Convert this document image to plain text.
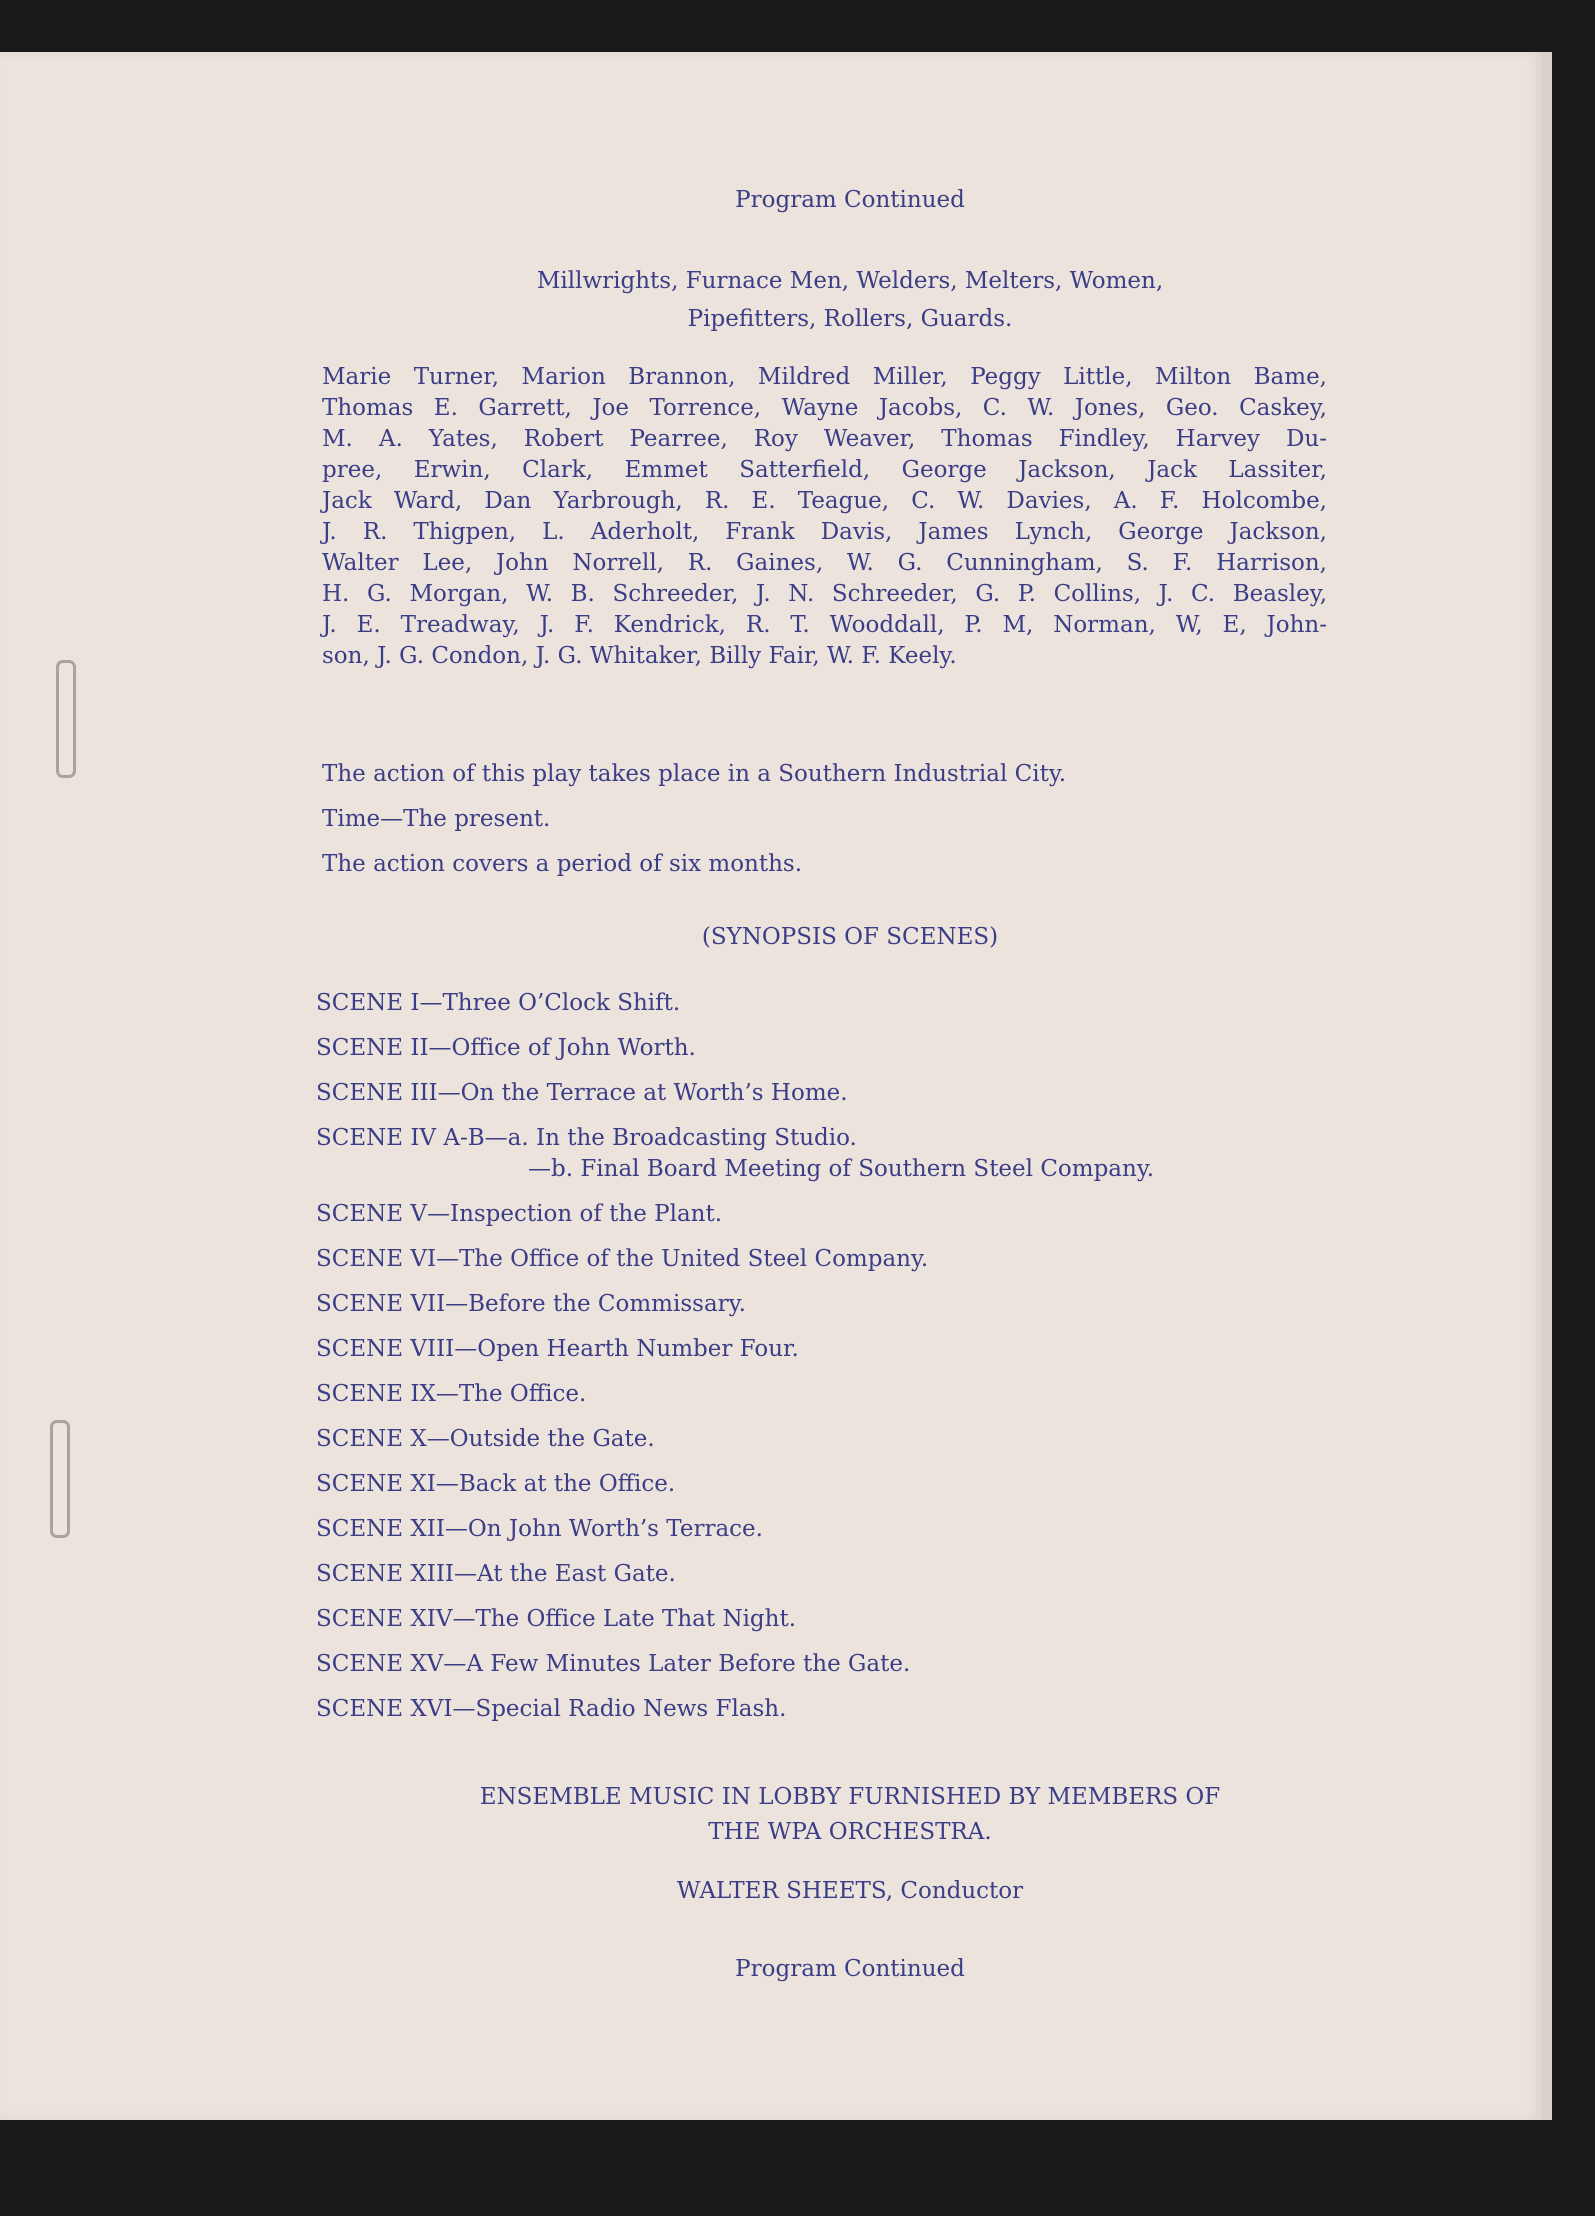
Program Continued
Millwrights, Furnace Men, Welders, Melters, Women,
Pipefitters, Rollers, Guards.
Marie Turner, Marion Brannon, Mildred Miller, Peggy Little, Milton Bame,
Thomas E. Garrett, Joe Torrence, Wayne Jacobs, C. W. Jones, Geo. Caskey,
M. A. Yates, Robert Pearree, Roy Weaver, Thomas Findley, Harvey Du-
pree, Erwin, Clark, Emmet Satterfield, George Jackson, Jack Lassiter,
Jack Ward, Dan Yarbrough, R. E. Teague, C. W. Davies, A. F. Holcombe,
J. R. Thigpen, L. Aderholt, Frank Davis, James Lynch, George Jackson,
Walter Lee, John Norrell, R. Gaines, W. G. Cunningham, S. F. Harrison,
H. G. Morgan, W. B. Schreeder, J. N. Schreeder, G. P. Collins, J. C. Beasley,
J. E. Treadway, J. F. Kendrick, R. T. Wooddall, P. M, Norman, W, E, John-
son, J. G. Condon, J. G. Whitaker, Billy Fair, W. F. Keely.
The action of this play takes place in a Southern Industrial City.
Time—The present.
The action covers a period of six months.
(SYNOPSIS OF SCENES)
SCENE I—Three O’Clock Shift.
SCENE II—Office of John Worth.
SCENE III—On the Terrace at Worth’s Home.
SCENE IV A-B—a. In the Broadcasting Studio.
—b. Final Board Meeting of Southern Steel Company.
SCENE V—Inspection of the Plant.
SCENE VI—The Office of the United Steel Company.
SCENE VII—Before the Commissary.
SCENE VIII—Open Hearth Number Four.
SCENE IX—The Office.
SCENE X—Outside the Gate.
SCENE XI—Back at the Office.
SCENE XII—On John Worth’s Terrace.
SCENE XIII—At the East Gate.
SCENE XIV—The Office Late That Night.
SCENE XV—A Few Minutes Later Before the Gate.
SCENE XVI—Special Radio News Flash.
ENSEMBLE MUSIC IN LOBBY FURNISHED BY MEMBERS OF
THE WPA ORCHESTRA.
WALTER SHEETS, Conductor
Program Continued
